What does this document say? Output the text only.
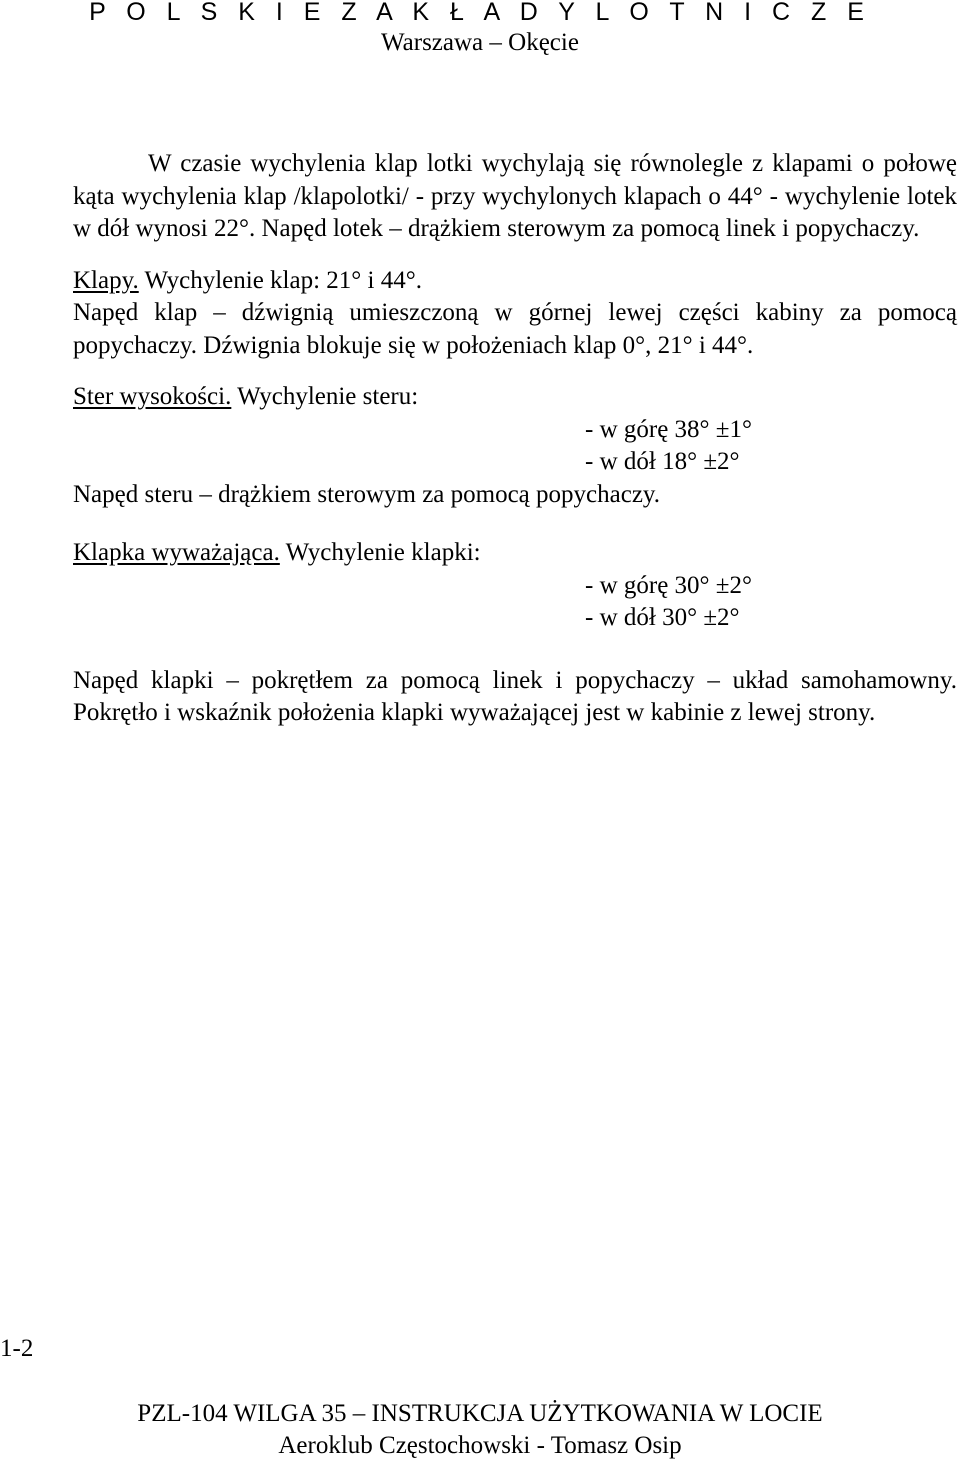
P O L S K I E Z A K Ł A D Y L O T N I C Z E
Warszawa – Okęcie

W czasie wychylenia klap lotki wychylają się równolegle z klapami o połowę kąta wychylenia klap /klapolotki/ - przy wychylonych klapach o 44° - wychylenie lotek w dół wynosi 22°. Napęd lotek – drążkiem sterowym za pomocą linek i popychaczy.

Klapy. Wychylenie klap: 21° i 44°.

Napęd klap – dźwignią umieszczoną w górnej lewej części kabiny za pomocą popychaczy. Dźwignia blokuje się w położeniach klap 0°, 21° i 44°.

Ster wysokości. Wychylenie steru:

- w górę 38° ±1°

- w dół 18° ±2°

Napęd steru – drążkiem sterowym za pomocą popychaczy.

Klapka wyważająca. Wychylenie klapki:

- w górę 30° ±2°

- w dół 30° ±2°

Napęd klapki – pokrętłem za pomocą linek i popychaczy – układ samohamowny. Pokrętło i wskaźnik położenia klapki wyważającej jest w kabinie z lewej strony.

1-2
PZL-104 WILGA 35 – INSTRUKCJA UŻYTKOWANIA W LOCIE
Aeroklub Częstochowski - Tomasz Osip
